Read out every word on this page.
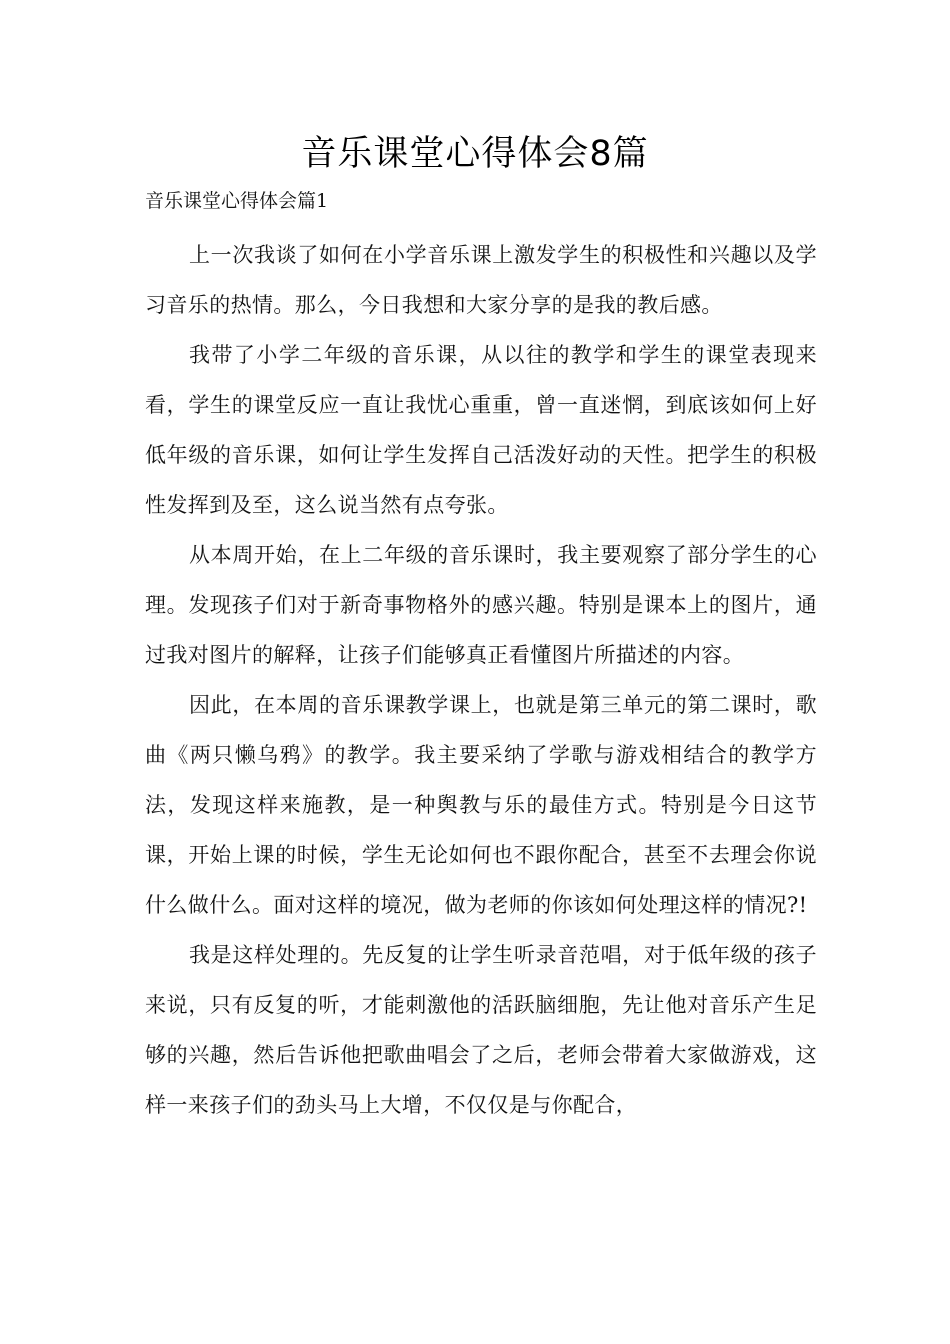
音乐课堂心得体会8篇
音乐课堂心得体会篇1

上一次我谈了如何在小学音乐课上激发学生的积极性和兴趣以及学习音乐的热情。那么，今日我想和大家分享的是我的教后感。

我带了小学二年级的音乐课，从以往的教学和学生的课堂表现来看，学生的课堂反应一直让我忧心重重，曾一直迷惘，到底该如何上好低年级的音乐课，如何让学生发挥自己活泼好动的天性。把学生的积极性发挥到及至，这么说当然有点夸张。

从本周开始，在上二年级的音乐课时，我主要观察了部分学生的心理。发现孩子们对于新奇事物格外的感兴趣。特别是课本上的图片，通过我对图片的解释，让孩子们能够真正看懂图片所描述的内容。

因此，在本周的音乐课教学课上，也就是第三单元的第二课时，歌曲《两只懒乌鸦》的教学。我主要采纳了学歌与游戏相结合的教学方法，发现这样来施教，是一种舆教与乐的最佳方式。特别是今日这节课，开始上课的时候，学生无论如何也不跟你配合，甚至不去理会你说什么做什么。面对这样的境况，做为老师的你该如何处理这样的情况?!

我是这样处理的。先反复的让学生听录音范唱，对于低年级的孩子来说，只有反复的听，才能刺激他的活跃脑细胞，先让他对音乐产生足够的兴趣，然后告诉他把歌曲唱会了之后，老师会带着大家做游戏，这样一来孩子们的劲头马上大增，不仅仅是与你配合，
